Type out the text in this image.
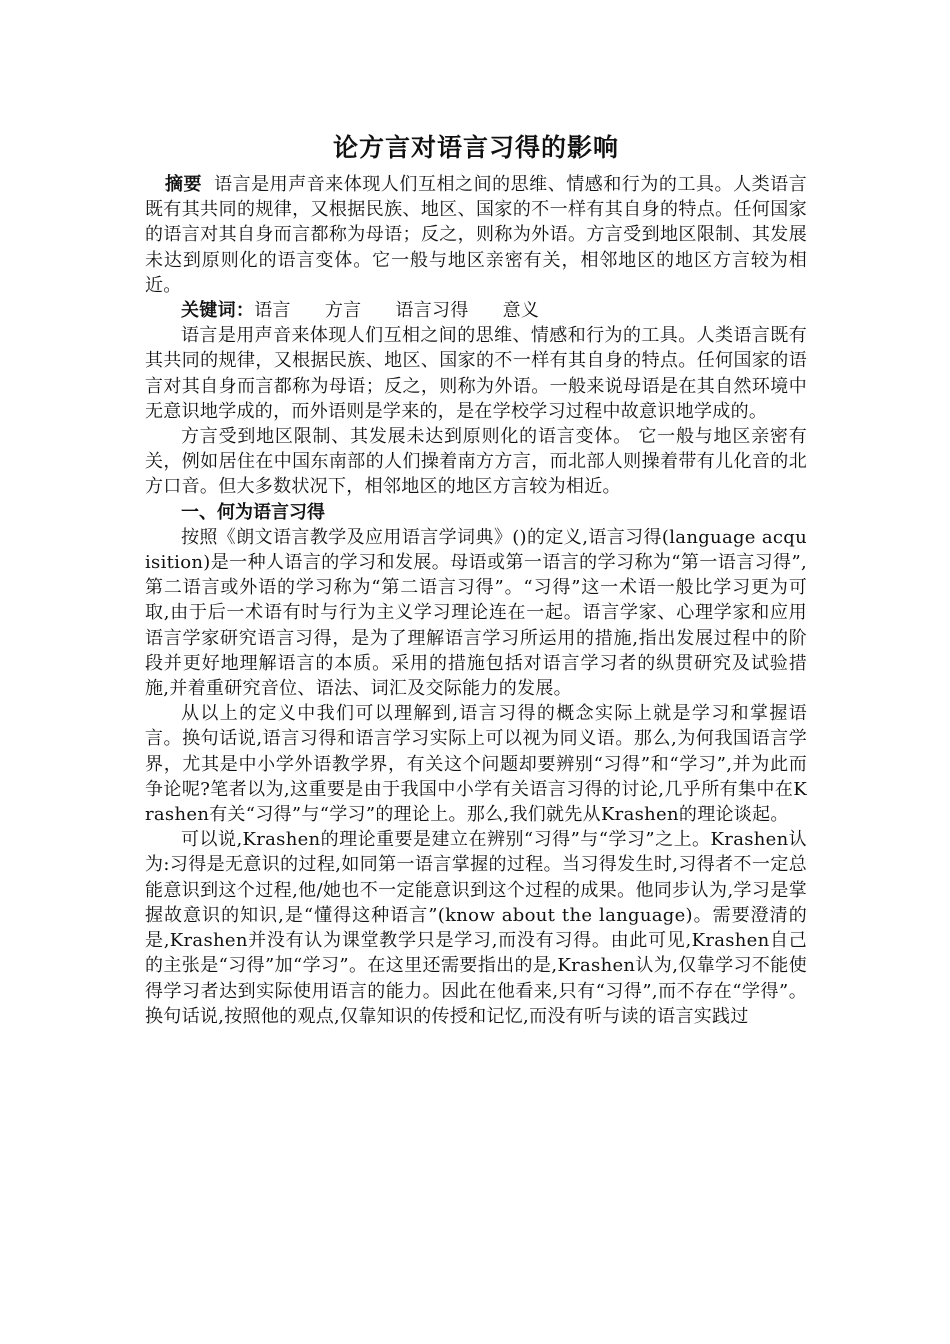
论方言对语言习得的影响

摘要 语言是用声音来体现人们互相之间的思维、情感和行为的工具。人类语言既有其共同的规律，又根据民族、地区、国家的不一样有其自身的特点。任何国家的语言对其自身而言都称为母语；反之，则称为外语。方言受到地区限制、其发展未达到原则化的语言变体。它一般与地区亲密有关，相邻地区的地区方言较为相近。

关键词：语言 方言 语言习得 意义

语言是用声音来体现人们互相之间的思维、情感和行为的工具。人类语言既有其共同的规律，又根据民族、地区、国家的不一样有其自身的特点。任何国家的语言对其自身而言都称为母语；反之，则称为外语。一般来说母语是在其自然环境中无意识地学成的，而外语则是学来的，是在学校学习过程中故意识地学成的。

方言受到地区限制、其发展未达到原则化的语言变体。 它一般与地区亲密有关，例如居住在中国东南部的人们操着南方方言，而北部人则操着带有儿化音的北方口音。但大多数状况下，相邻地区的地区方言较为相近。

一、何为语言习得

按照《朗文语言教学及应用语言学词典》()的定义,语言习得(language acquisition)是一种人语言的学习和发展。母语或第一语言的学习称为“第一语言习得”,第二语言或外语的学习称为“第二语言习得”。“习得”这一术语一般比学习更为可取,由于后一术语有时与行为主义学习理论连在一起。语言学家、心理学家和应用语言学家研究语言习得，是为了理解语言学习所运用的措施,指出发展过程中的阶段并更好地理解语言的本质。采用的措施包括对语言学习者的纵贯研究及试验措施,并着重研究音位、语法、词汇及交际能力的发展。

从以上的定义中我们可以理解到,语言习得的概念实际上就是学习和掌握语言。换句话说,语言习得和语言学习实际上可以视为同义语。那么,为何我国语言学界，尤其是中小学外语教学界，有关这个问题却要辨别“习得”和“学习”,并为此而争论呢?笔者以为,这重要是由于我国中小学有关语言习得的讨论,几乎所有集中在Krashen有关“习得”与“学习”的理论上。那么,我们就先从Krashen的理论谈起。

可以说,Krashen的理论重要是建立在辨别“习得”与“学习”之上。Krashen认为:习得是无意识的过程,如同第一语言掌握的过程。当习得发生时,习得者不一定总能意识到这个过程,他/她也不一定能意识到这个过程的成果。他同步认为,学习是掌握故意识的知识,是“懂得这种语言”(know about the language)。需要澄清的是,Krashen并没有认为课堂教学只是学习,而没有习得。由此可见,Krashen自己的主张是“习得”加“学习”。在这里还需要指出的是,Krashen认为,仅靠学习不能使得学习者达到实际使用语言的能力。因此在他看来,只有“习得”,而不存在“学得”。换句话说,按照他的观点,仅靠知识的传授和记忆,而没有听与读的语言实践过
